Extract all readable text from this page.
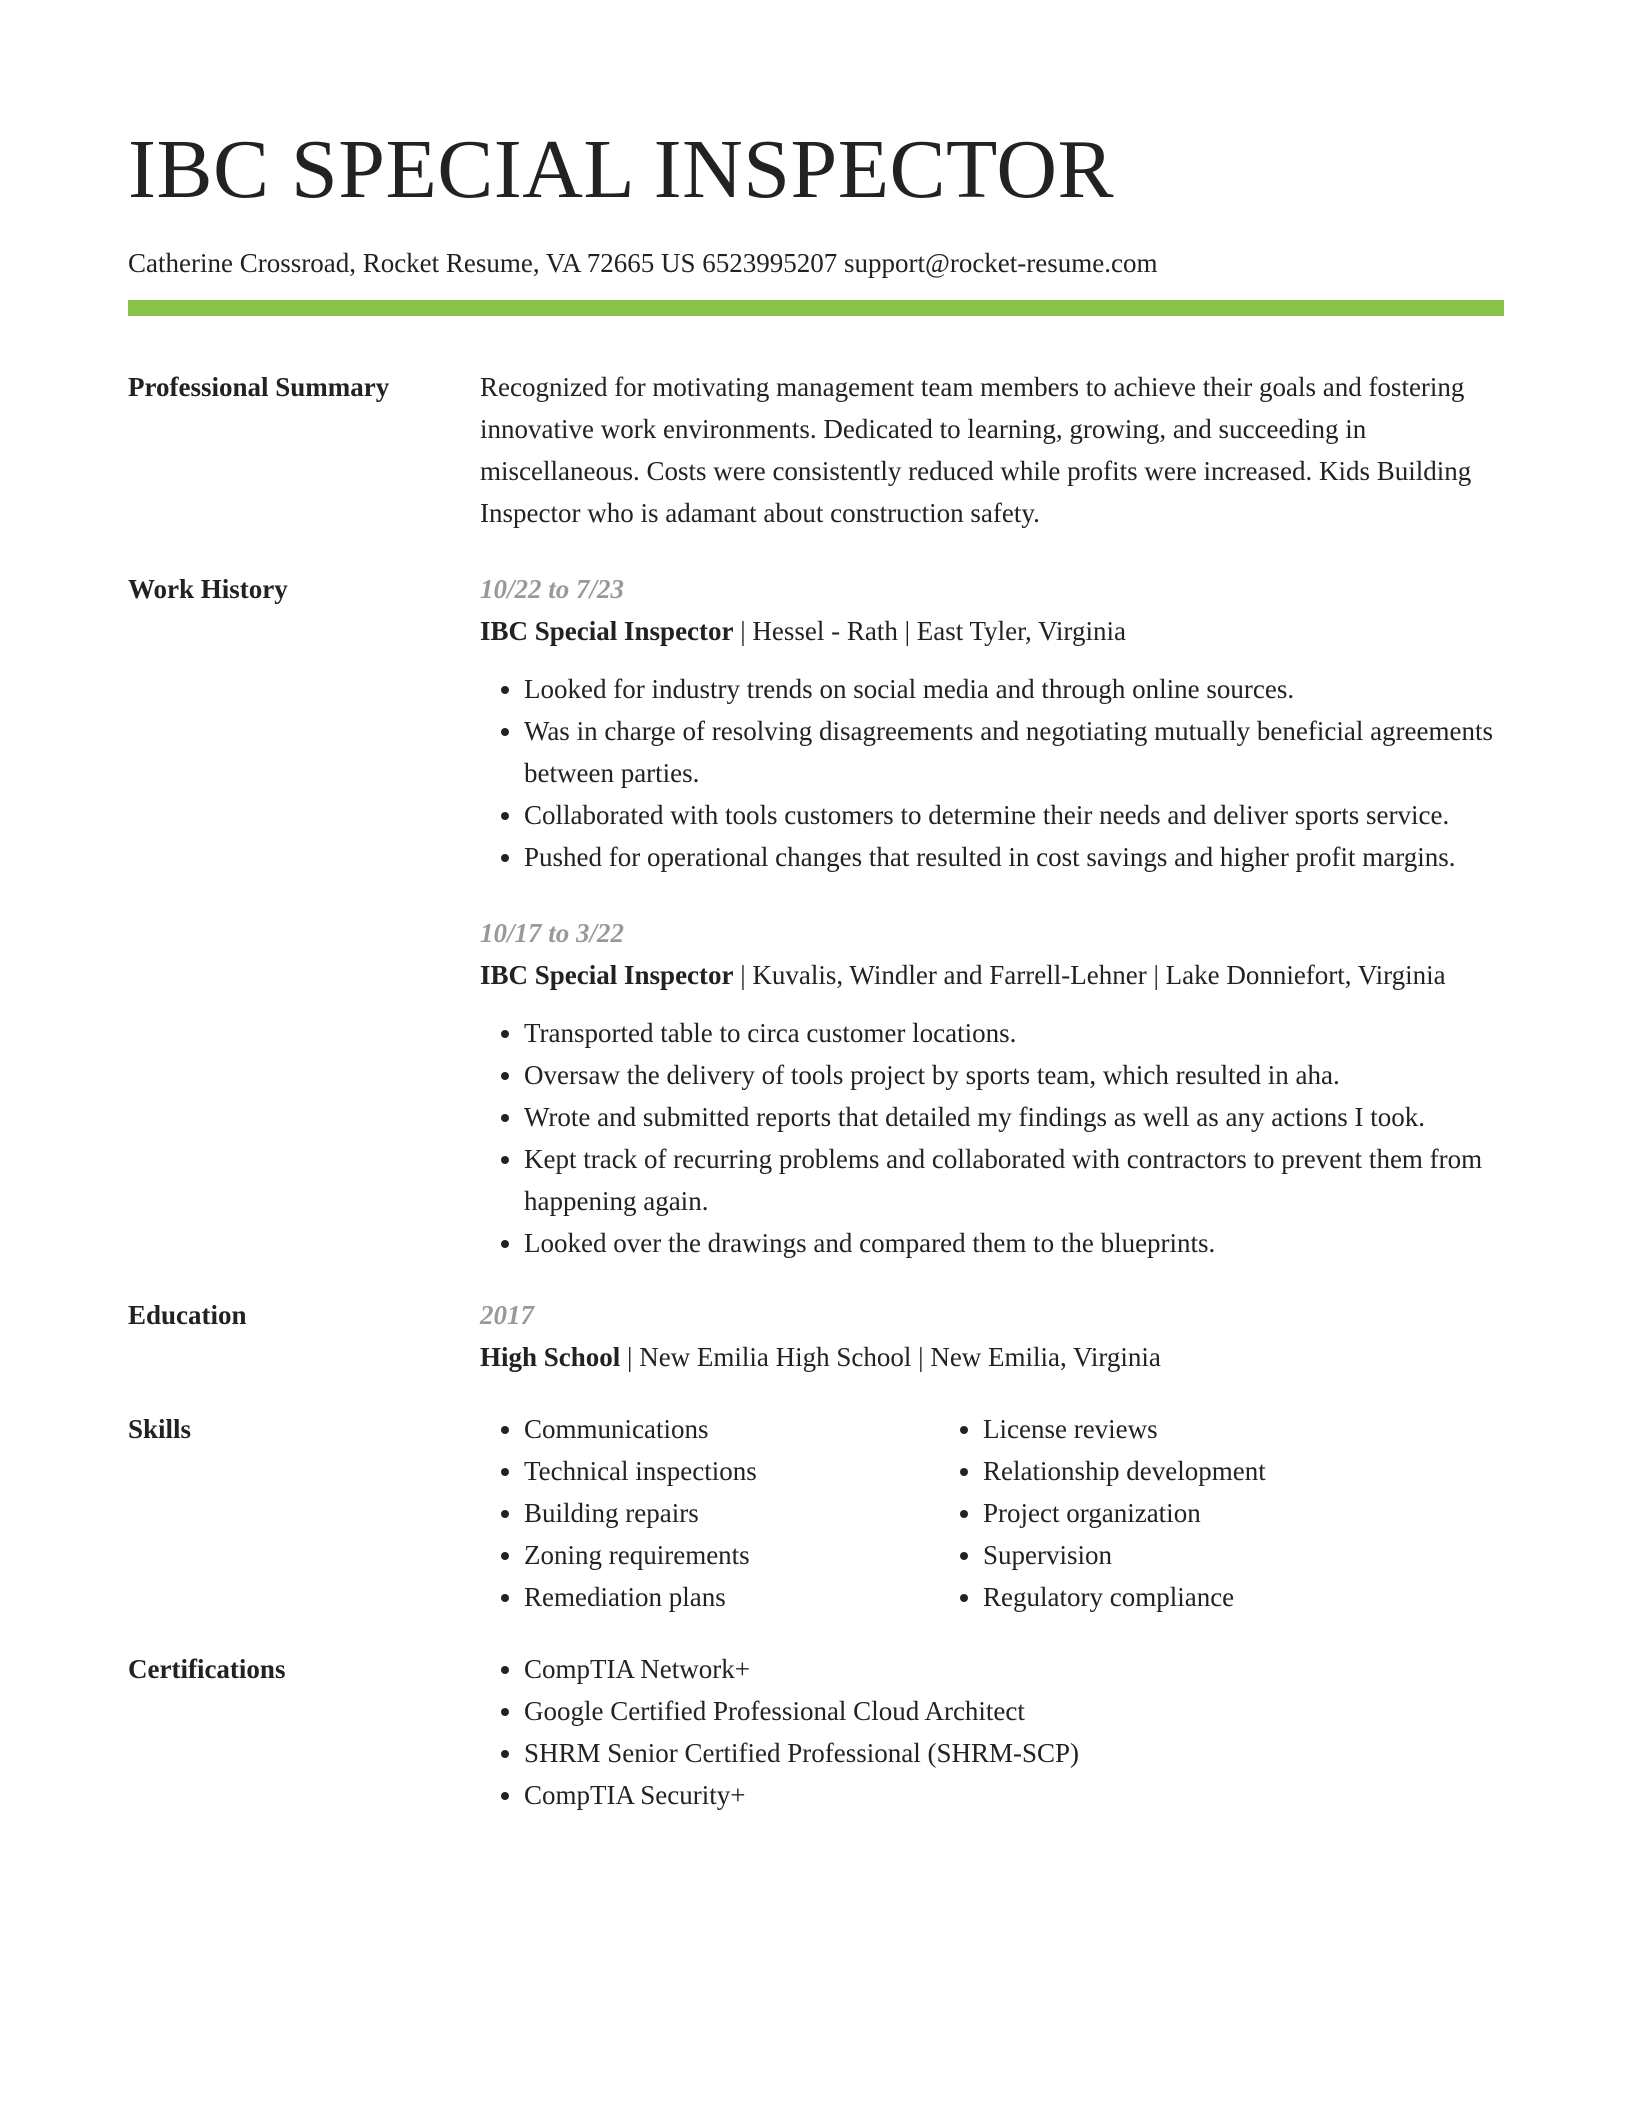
IBC SPECIAL INSPECTOR
Catherine Crossroad, Rocket Resume, VA 72665 US 6523995207 support@rocket-resume.com
Professional Summary	Recognized for motivating management team members to achieve their goals and fostering innovative work environments. Dedicated to learning, growing, and succeeding in miscellaneous. Costs were consistently reduced while profits were increased. Kids Building Inspector who is adamant about construction safety.
Work History	10/22 to 7/23
IBC Special Inspector | Hessel - Rath | East Tyler, Virginia
• Looked for industry trends on social media and through online sources.
• Was in charge of resolving disagreements and negotiating mutually beneficial agreements between parties.
• Collaborated with tools customers to determine their needs and deliver sports service.
• Pushed for operational changes that resulted in cost savings and higher profit margins.
10/17 to 3/22
IBC Special Inspector | Kuvalis, Windler and Farrell-Lehner | Lake Donniefort, Virginia
• Transported table to circa customer locations.
• Oversaw the delivery of tools project by sports team, which resulted in aha.
• Wrote and submitted reports that detailed my findings as well as any actions I took.
• Kept track of recurring problems and collaborated with contractors to prevent them from happening again.
• Looked over the drawings and compared them to the blueprints.
Education	2017
High School | New Emilia High School | New Emilia, Virginia
Skills	• Communications
• Technical inspections
• Building repairs
• Zoning requirements
• Remediation plans
• License reviews
• Relationship development
• Project organization
• Supervision
• Regulatory compliance
Certifications	• CompTIA Network+
• Google Certified Professional Cloud Architect
• SHRM Senior Certified Professional (SHRM-SCP)
• CompTIA Security+
